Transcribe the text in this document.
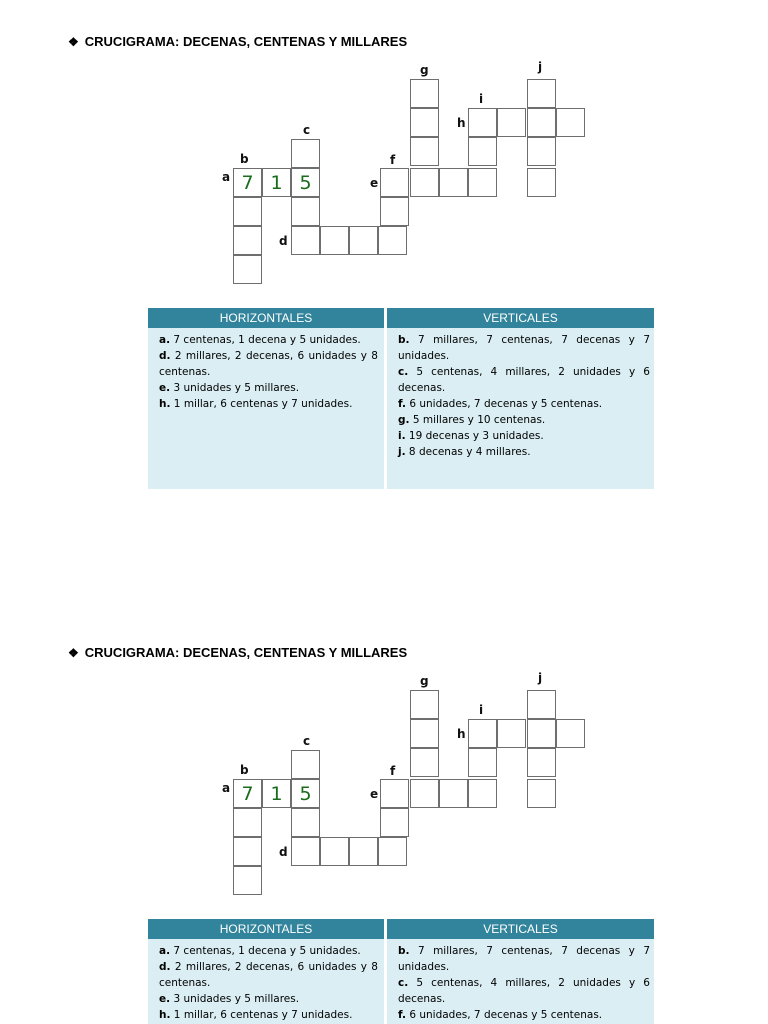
❖ CRUCIGRAMA: DECENAS, CENTENAS Y MILLARES
a
b
c
d
e
f
g
h
i
j
7 1 5
HORIZONTALES

a. 7 centenas, 1 decena y 5 unidades.

d. 2 millares, 2 decenas, 6 unidades y 8 centenas.

e. 3 unidades y 5 millares.

h. 1 millar, 6 centenas y 7 unidades.

VERTICALES

b. 7 millares, 7 centenas, 7 decenas y 7 unidades.

c. 5 centenas, 4 millares, 2 unidades y 6 decenas.

f. 6 unidades, 7 decenas y 5 centenas.

g. 5 millares y 10 centenas.

i. 19 decenas y 3 unidades.

j. 8 decenas y 4 millares.

❖ CRUCIGRAMA: DECENAS, CENTENAS Y MILLARES
a
b
c
d
e
f
g
h
i
j
7 1 5
HORIZONTALES

a. 7 centenas, 1 decena y 5 unidades.

d. 2 millares, 2 decenas, 6 unidades y 8 centenas.

e. 3 unidades y 5 millares.

h. 1 millar, 6 centenas y 7 unidades.

VERTICALES

b. 7 millares, 7 centenas, 7 decenas y 7 unidades.

c. 5 centenas, 4 millares, 2 unidades y 6 decenas.

f. 6 unidades, 7 decenas y 5 centenas.
